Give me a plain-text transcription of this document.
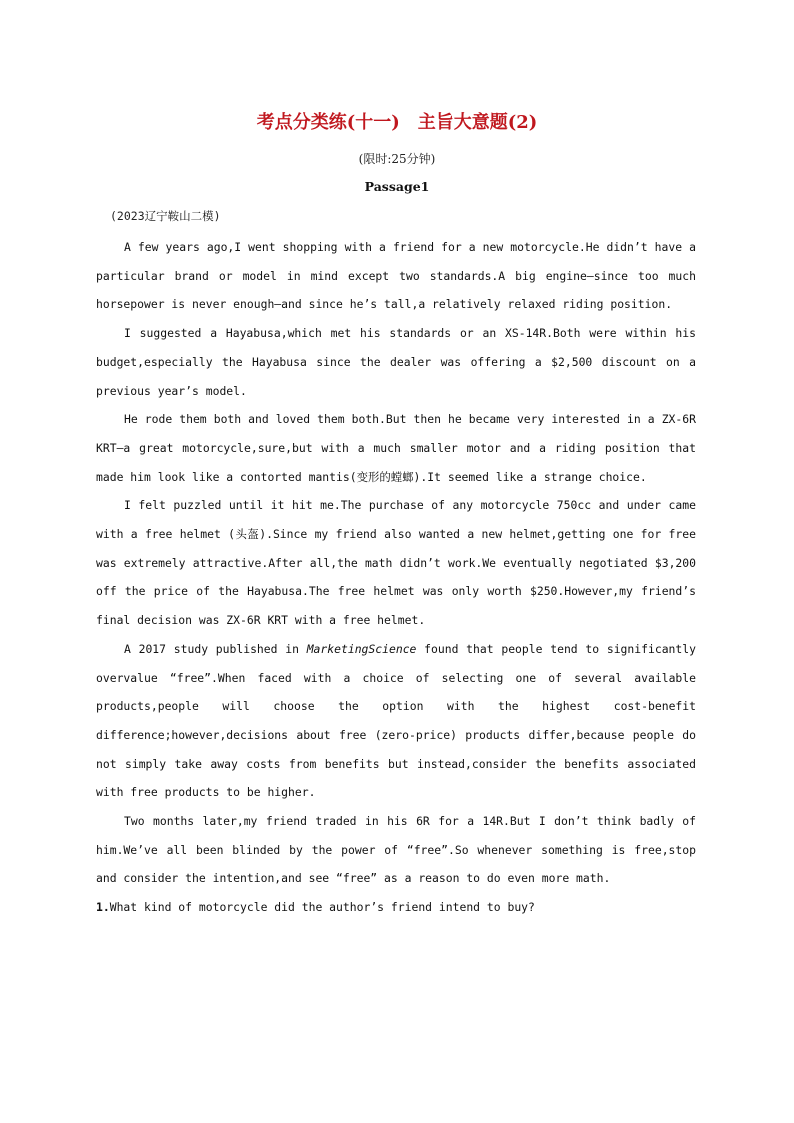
考点分类练(十一)　主旨大意题(2)
(限时:25分钟)
Passage1
(2023辽宁鞍山二模)

A few years ago,I went shopping with a friend for a new motorcycle.He didn’t have a particular brand or model in mind except two standards.A big engine—since too much horsepower is never enough—and since he’s tall,a relatively relaxed riding position.

I suggested a Hayabusa,which met his standards or an XS-14R.Both were within his budget,especially the Hayabusa since the dealer was offering a $2,500 discount on a previous year’s model.

He rode them both and loved them both.But then he became very interested in a ZX-6R KRT—a great motorcycle,sure,but with a much smaller motor and a riding position that made him look like a contorted mantis(变形的螳螂).It seemed like a strange choice.

I felt puzzled until it hit me.The purchase of any motorcycle 750cc and under came with a free helmet (头盔).Since my friend also wanted a new helmet,getting one for free was extremely attractive.After all,the math didn’t work.We eventually negotiated $3,200 off the price of the Hayabusa.The free helmet was only worth $250.However,my friend’s final decision was ZX-6R KRT with a free helmet.

A 2017 study published in MarketingScience found that people tend to significantly overvalue “free”.When faced with a choice of selecting one of several available products,people will choose the option with the highest cost-benefit difference;however,decisions about free (zero-price) products differ,because people do not simply take away costs from benefits but instead,consider the benefits associated with free products to be higher.

Two months later,my friend traded in his 6R for a 14R.But I don’t think badly of him.We’ve all been blinded by the power of “free”.So whenever something is free,stop and consider the intention,and see “free” as a reason to do even more math.

1.What kind of motorcycle did the author’s friend intend to buy?
